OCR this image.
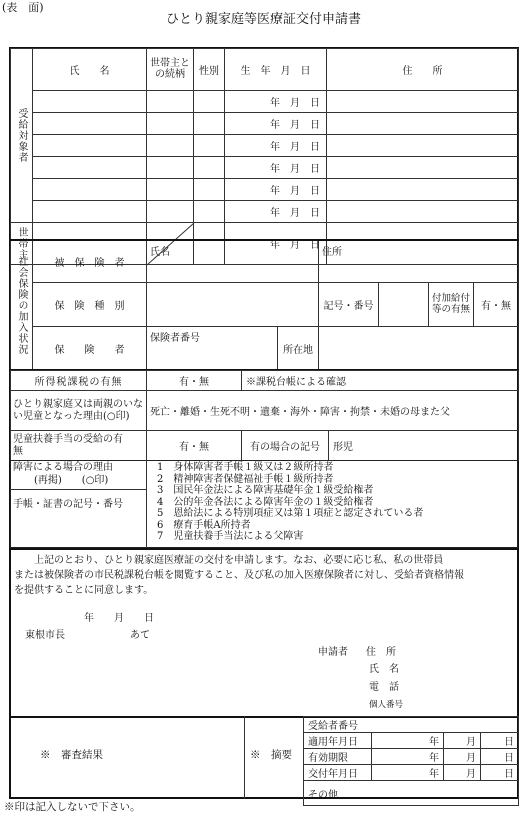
(表　面)
ひとり親家庭等医療証交付申請書
受給対象者	氏　　名	世帯主との続柄	性別	生　年　月　日	住　　所
				年　月　日	
				年　月　日	
				年　月　日	
				年　月　日	
				年　月　日	
				年　月　日	
世帯主				年　月　日	
社会保険の加入状況	被　保　険　者	氏名		住所			
	保　険　種　別			記号・番号		付加給付等の有無	有・無
	保　　険　　者	保険者番号	所在地				
所得税課税の有無	有・無	※課税台帳による確認
ひとり親家庭又は両親のいない児童となった理由(○印)	死亡・離婚・生死不明・遺棄・海外・障害・拘禁・未婚の母また父	
児童扶養手当の受給の有　　　　　　　　無	有・無	有の場合の記号	形児
障害による場合の理由
(再掲)　　(○印)
手帳・証書の記号・番号
1　身体障害者手帳１級又は２級所持者
2　精神障害者保健福祉手帳１級所持者
3　国民年金法による障害基礎年金１級受給権者
4　公的年金各法による障害年金の１級受給権者
5　恩給法による特別項症又は第１項症と認定されている者
6　療育手帳A所持者
7　児童扶養手当法による父障害
上記のとおり、ひとり親家庭医療証の交付を申請します。なお、必要に応じ私、私の世帯員
または被保険者の市民税課税台帳を閲覧すること、及び私の加入医療保険者に対し、受給者資格情報
を提供することに同意します。
年　　月　　日
東根市長	あて
申請者 住　所
氏　名
電　話
個人番号
※　審査結果	※　摘要
受給者番号			
適用年月日	年	月	日
有効期限	年	月	日
交付年月日	年	月	日
その他			
※印は記入しないで下さい。
